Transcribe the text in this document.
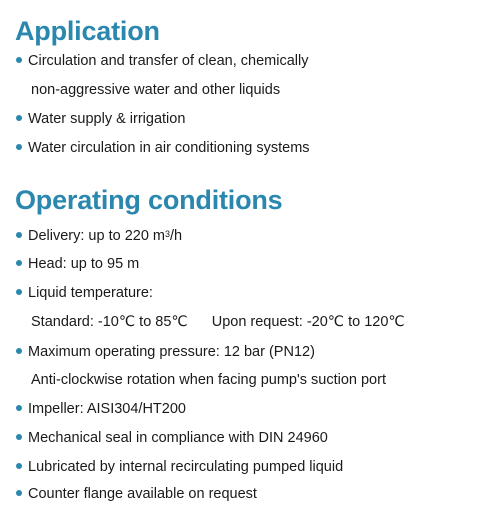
Application
Circulation and transfer of clean, chemically
non-aggressive water and other liquids
Water supply & irrigation
Water circulation in air conditioning systems
Operating conditions
Delivery: up to 220 $m^3/h$
Head: up to 95 m
Liquid temperature:
Standard: -10℃ to 85℃ Upon request: -20℃ to 120℃
Maximum operating pressure: 12 bar (PN12)
Anti-clockwise rotation when facing pump's suction port
Impeller: AISI304/HT200
Mechanical seal in compliance with DIN 24960
Lubricated by internal recirculating pumped liquid
Counter flange available on request
